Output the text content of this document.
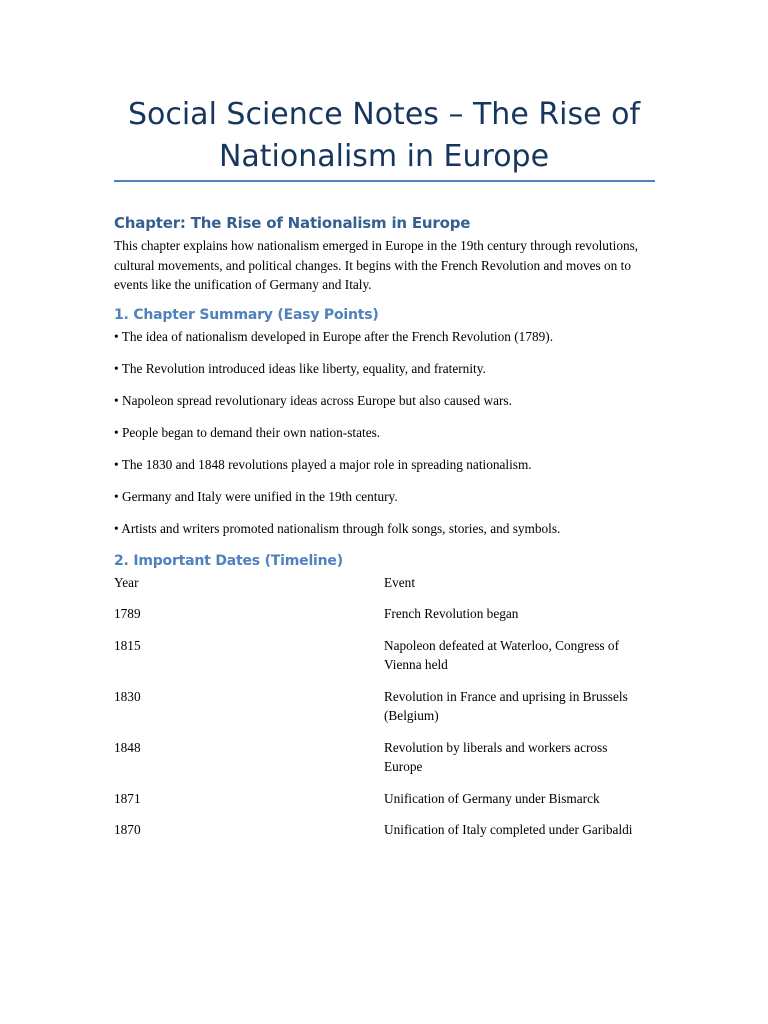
Social Science Notes – The Rise of Nationalism in Europe
Chapter: The Rise of Nationalism in Europe

This chapter explains how nationalism emerged in Europe in the 19th century through revolutions, cultural movements, and political changes. It begins with the French Revolution and moves on to events like the unification of Germany and Italy.

1. Chapter Summary (Easy Points)
• The idea of nationalism developed in Europe after the French Revolution (1789).
• The Revolution introduced ideas like liberty, equality, and fraternity.
• Napoleon spread revolutionary ideas across Europe but also caused wars.
• People began to demand their own nation-states.
• The 1830 and 1848 revolutions played a major role in spreading nationalism.
• Germany and Italy were unified in the 19th century.
• Artists and writers promoted nationalism through folk songs, stories, and symbols.
2. Important Dates (Timeline)
Year	Event
1789	French Revolution began
1815	Napoleon defeated at Waterloo, Congress of Vienna held
1830	Revolution in France and uprising in Brussels (Belgium)
1848	Revolution by liberals and workers across Europe
1871	Unification of Germany under Bismarck
1870	Unification of Italy completed under Garibaldi
